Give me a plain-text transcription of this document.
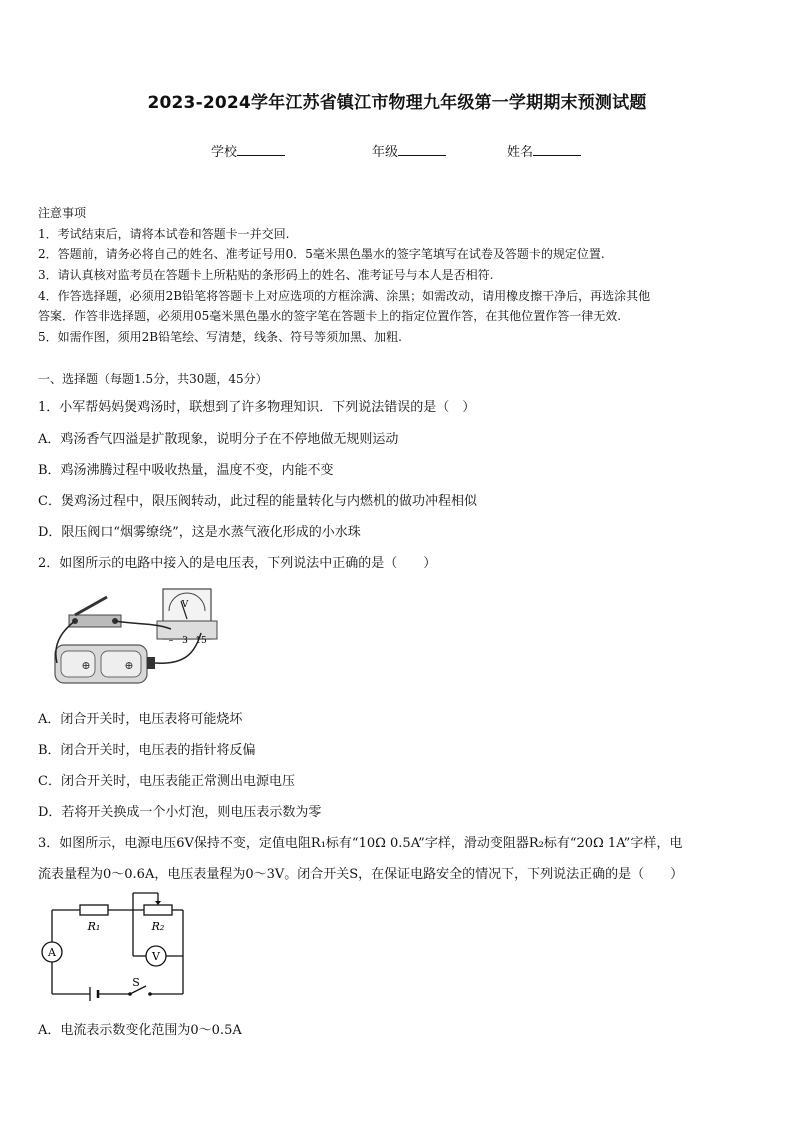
2023-2024学年江苏省镇江市物理九年级第一学期期末预测试题
学校	年级	姓名
注意事项
1．考试结束后，请将本试卷和答题卡一并交回.
2．答题前，请务必将自己的姓名、准考证号用0．5毫米黑色墨水的签字笔填写在试卷及答题卡的规定位置.
3．请认真核对监考员在答题卡上所粘贴的条形码上的姓名、准考证号与本人是否相符.
4．作答选择题，必须用2B铅笔将答题卡上对应选项的方框涂满、涂黑；如需改动，请用橡皮擦干净后，再选涂其他
答案．作答非选择题，必须用05毫米黑色墨水的签字笔在答题卡上的指定位置作答，在其他位置作答一律无效.
5．如需作图，须用2B铅笔绘、写清楚，线条、符号等须加黑、加粗.
一、选择题（每题1.5分，共30题，45分）
1．小军帮妈妈煲鸡汤时，联想到了许多物理知识．下列说法错误的是（　）
A．鸡汤香气四溢是扩散现象，说明分子在不停地做无规则运动
B．鸡汤沸腾过程中吸收热量，温度不变，内能不变
C．煲鸡汤过程中，限压阀转动，此过程的能量转化与内燃机的做功冲程相似
D．限压阀口“烟雾缭绕”，这是水蒸气液化形成的小水珠
2．如图所示的电路中接入的是电压表，下列说法中正确的是（　　）
⊕	⊕
V
– 3 15
A．闭合开关时，电压表将可能烧坏
B．闭合开关时，电压表的指针将反偏
C．闭合开关时，电压表能正常测出电源电压
D．若将开关换成一个小灯泡，则电压表示数为零
3．如图所示，电源电压6V保持不变，定值电阻R₁标有“10Ω 0.5A”字样，滑动变阻器R₂标有“20Ω 1A”字样，电
流表量程为0～0.6A，电压表量程为0～3V。闭合开关S，在保证电路安全的情况下，下列说法正确的是（　　）
A	V
R₁	R₂
S
A．电流表示数变化范围为0～0.5A
